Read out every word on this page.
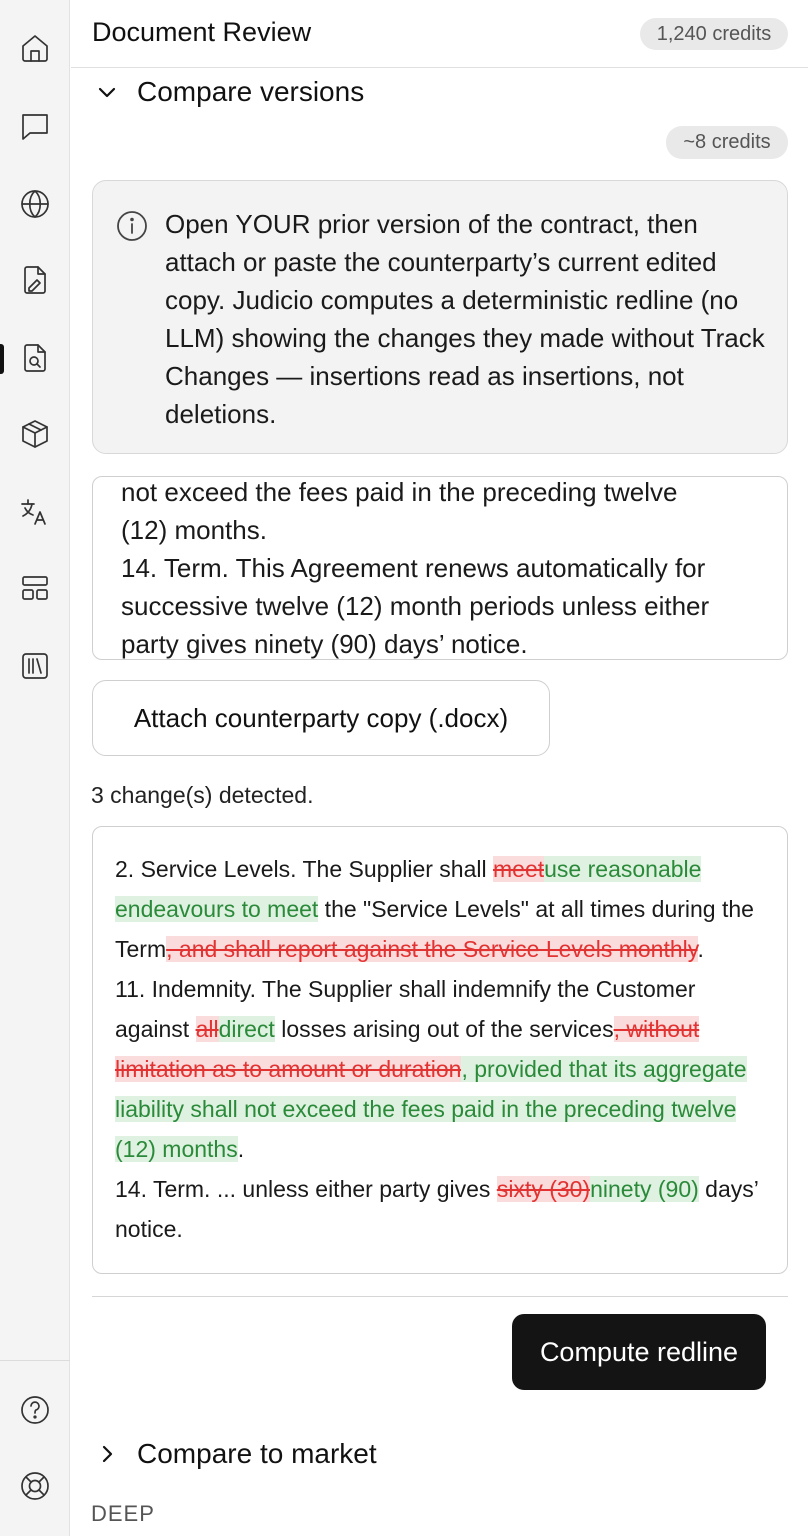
Document Review	1,240 credits
Compare versions
~8 credits
Open YOUR prior version of the contract, then attach or paste the counterparty’s current edited copy. Judicio computes a deterministic redline (no LLM) showing the changes they made without Track Changes — insertions read as insertions, not deletions.
not exceed the fees paid in the preceding twelve
(12) months.
14. Term. This Agreement renews automatically for successive twelve (12) month periods unless either party gives ninety (90) days’ notice.
Attach counterparty copy (.docx)
3 change(s) detected.

2. Service Levels. The Supplier shall meetuse reasonable endeavours to meet the "Service Levels" at all times during the Term, and shall report against the Service Levels monthly.

11. Indemnity. The Supplier shall indemnify the Customer against alldirect losses arising out of the services, without limitation as to amount or duration, provided that its aggregate liability shall not exceed the fees paid in the preceding twelve (12) months.

14. Term. ... unless either party gives sixty (30)ninety (90) days’ notice.

Compute redline
Compare to market
DEEP
